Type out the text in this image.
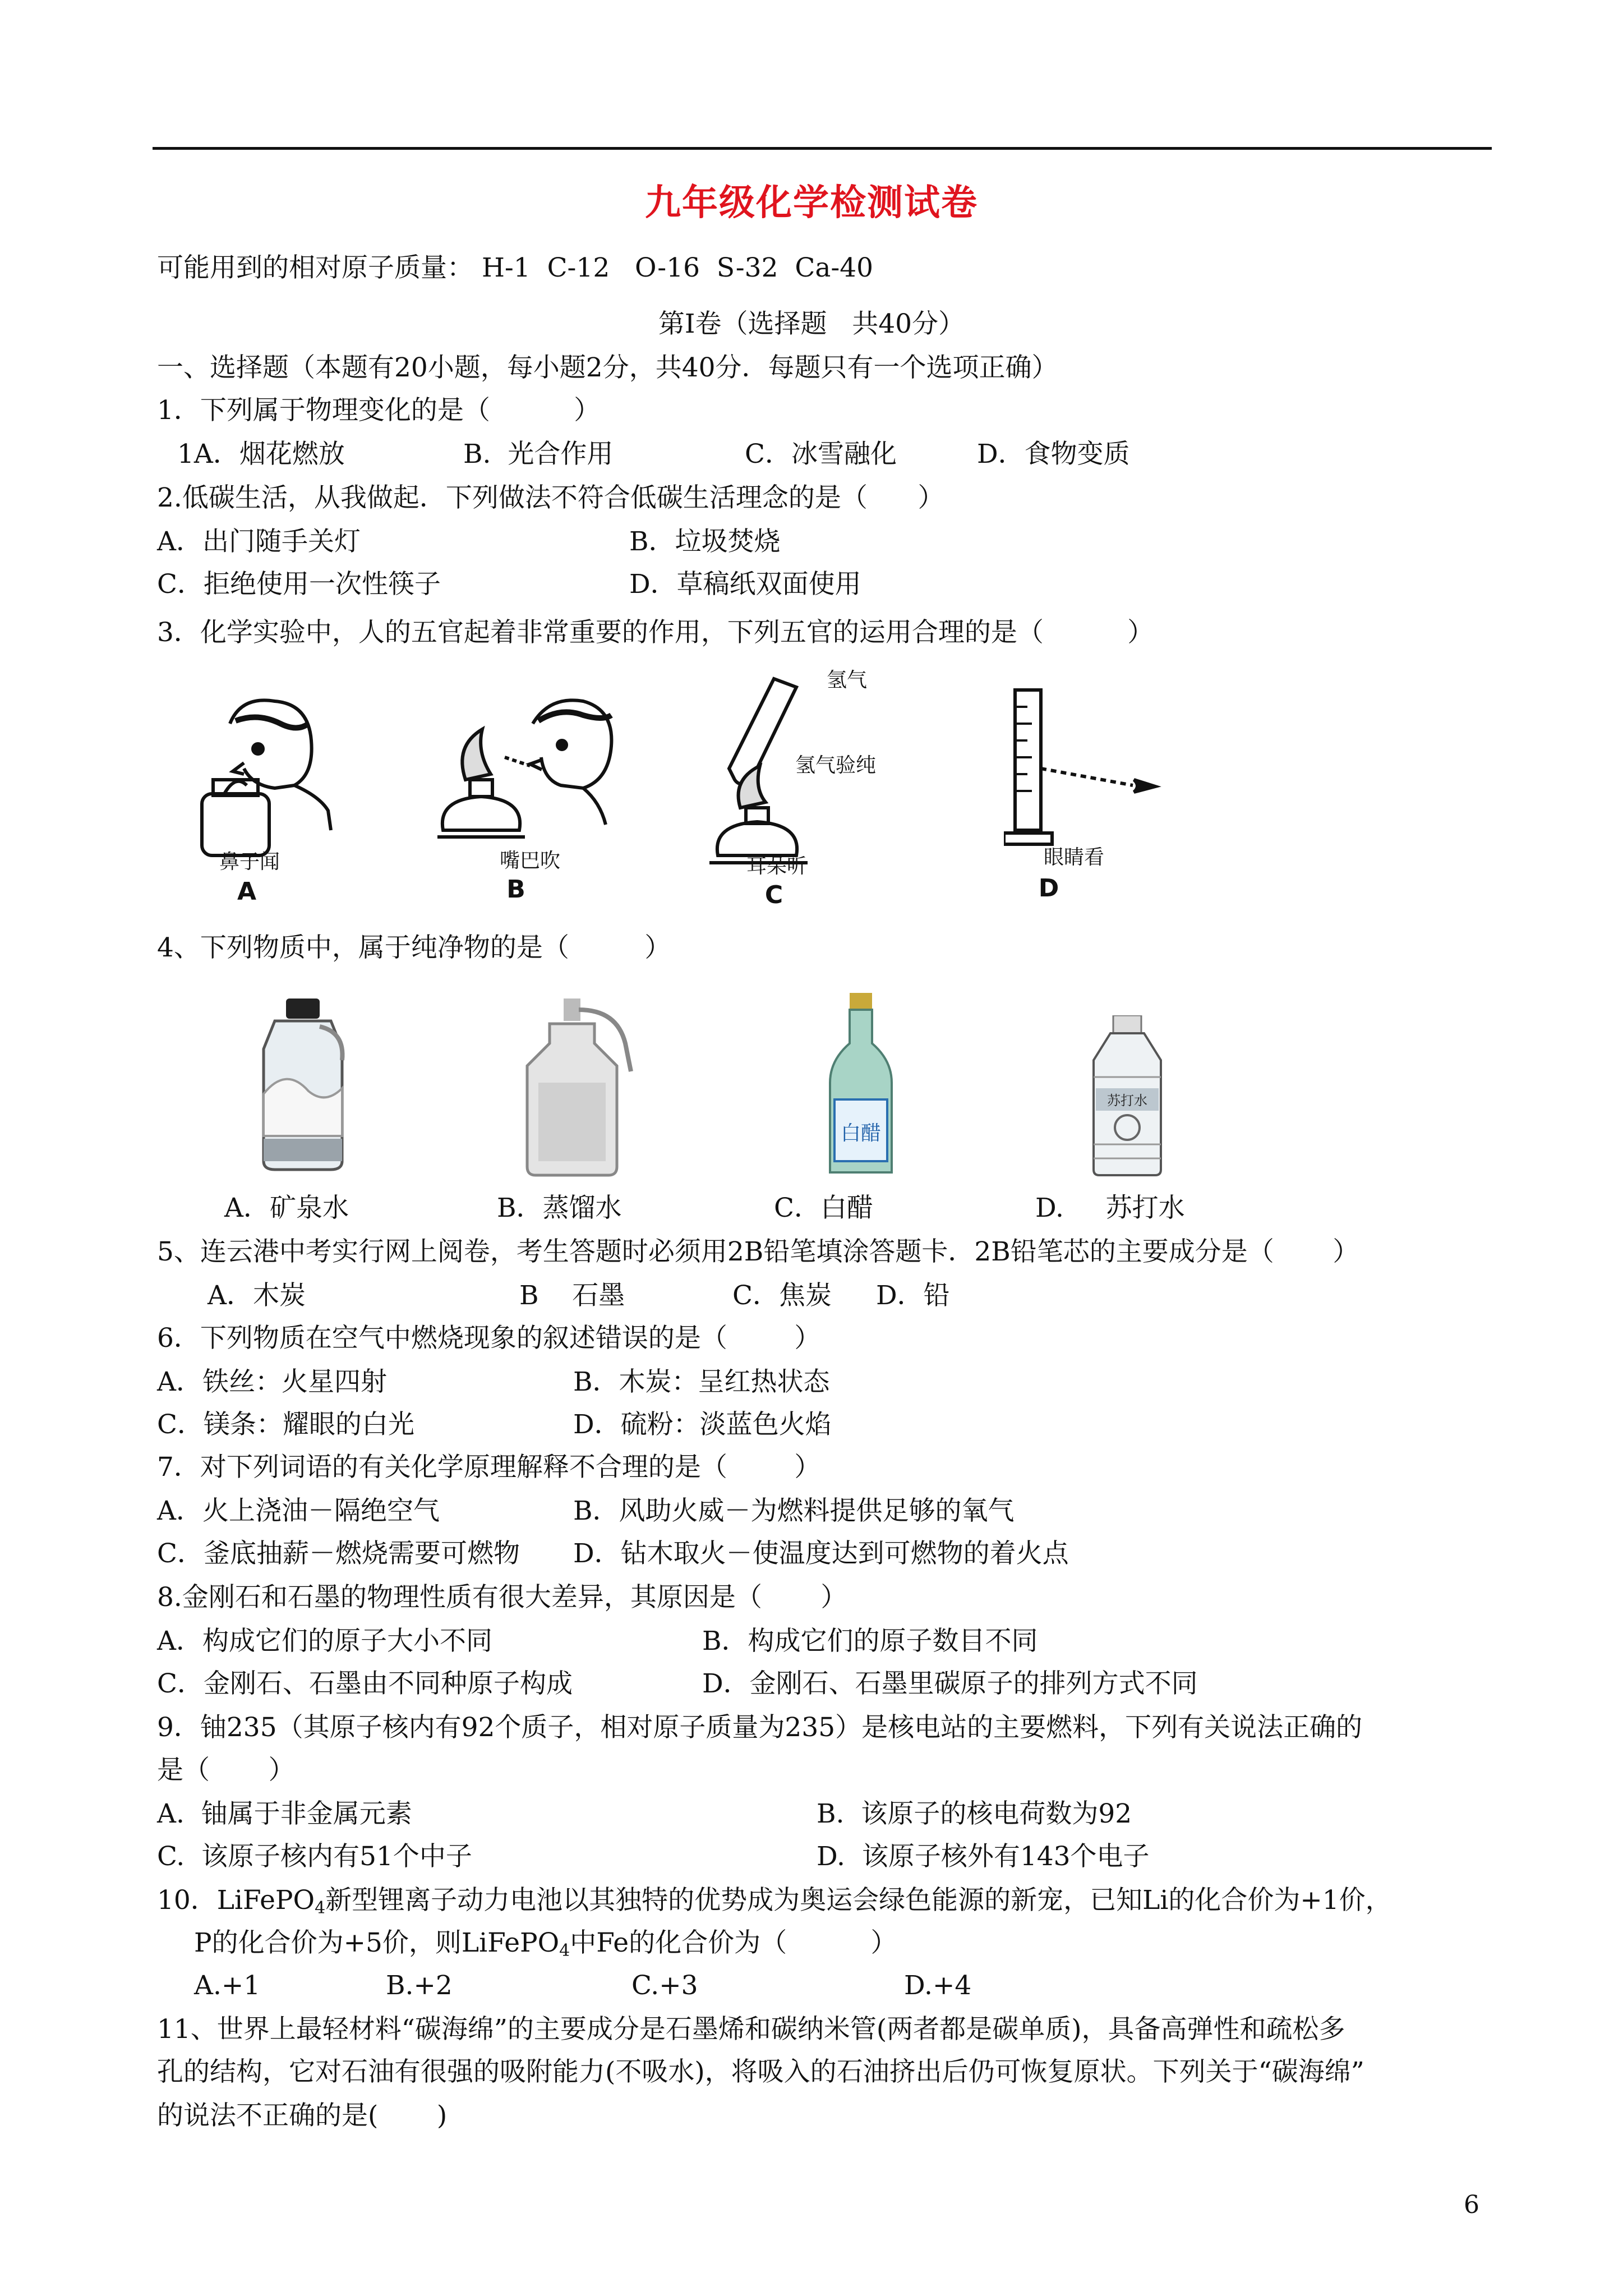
九年级化学检测试卷
可能用到的相对原子质量： H-1  C-12   O-16  S-32  Ca-40
第Ⅰ卷（选择题   共40分）
一、选择题（本题有20小题，每小题2分，共40分．每题只有一个选项正确）
1．下列属于物理变化的是（          ）
1A．烟花燃放	B.  光合作用	C．冰雪融化	D．食物变质
2.低碳生活，从我做起．下列做法不符合低碳生活理念的是（      ）
A．出门随手关灯	B．垃圾焚烧
C．拒绝使用一次性筷子	D．草稿纸双面使用
3．化学实验中，人的五官起着非常重要的作用，下列五官的运用合理的是（          ）
鼻子闻
A
嘴巴吹
B
氢气
氢气验纯
耳朵听
C
眼睛看
D
4、下列物质中，属于纯净物的是（         ）
白醋
苏打水
A．矿泉水	B．蒸馏水	C．白醋	D.     苏打水
5、连云港中考实行网上阅卷，考生答题时必须用2B铅笔填涂答题卡．2B铅笔芯的主要成分是（       ）
A．木炭	B    石墨	C．焦炭 D．铅
6．下列物质在空气中燃烧现象的叙述错误的是（        ）
A．铁丝：火星四射	B．木炭：呈红热状态
C．镁条：耀眼的白光	D．硫粉：淡蓝色火焰
7．对下列词语的有关化学原理解释不合理的是（        ）
A．火上浇油－隔绝空气	B．风助火威－为燃料提供足够的氧气
C．釜底抽薪－燃烧需要可燃物 D．钻木取火－使温度达到可燃物的着火点
8.金刚石和石墨的物理性质有很大差异，其原因是（       ）
A．构成它们的原子大小不同	B．构成它们的原子数目不同
C．金刚石、石墨由不同种原子构成	D．金刚石、石墨里碳原子的排列方式不同
9．铀235（其原子核内有92个质子，相对原子质量为235）是核电站的主要燃料，下列有关说法正确的
是（       ）
A.  铀属于非金属元素	B.  该原子的核电荷数为92
C.  该原子核内有51个中子	D.  该原子核外有143个电子
10．LiFePO$_4$新型锂离子动力电池以其独特的优势成为奥运会绿色能源的新宠，已知Li的化合价为+1价，
P的化合价为+5价，则LiFePO$_4$中Fe的化合价为（          ）
A.+1	B.+2	C.+3	D.+4
11、世界上最轻材料“碳海绵”的主要成分是石墨烯和碳纳米管(两者都是碳单质)，具备高弹性和疏松多
孔的结构，它对石油有很强的吸附能力(不吸水)，将吸入的石油挤出后仍可恢复原状。下列关于“碳海绵”
的说法不正确的是(       )
6
